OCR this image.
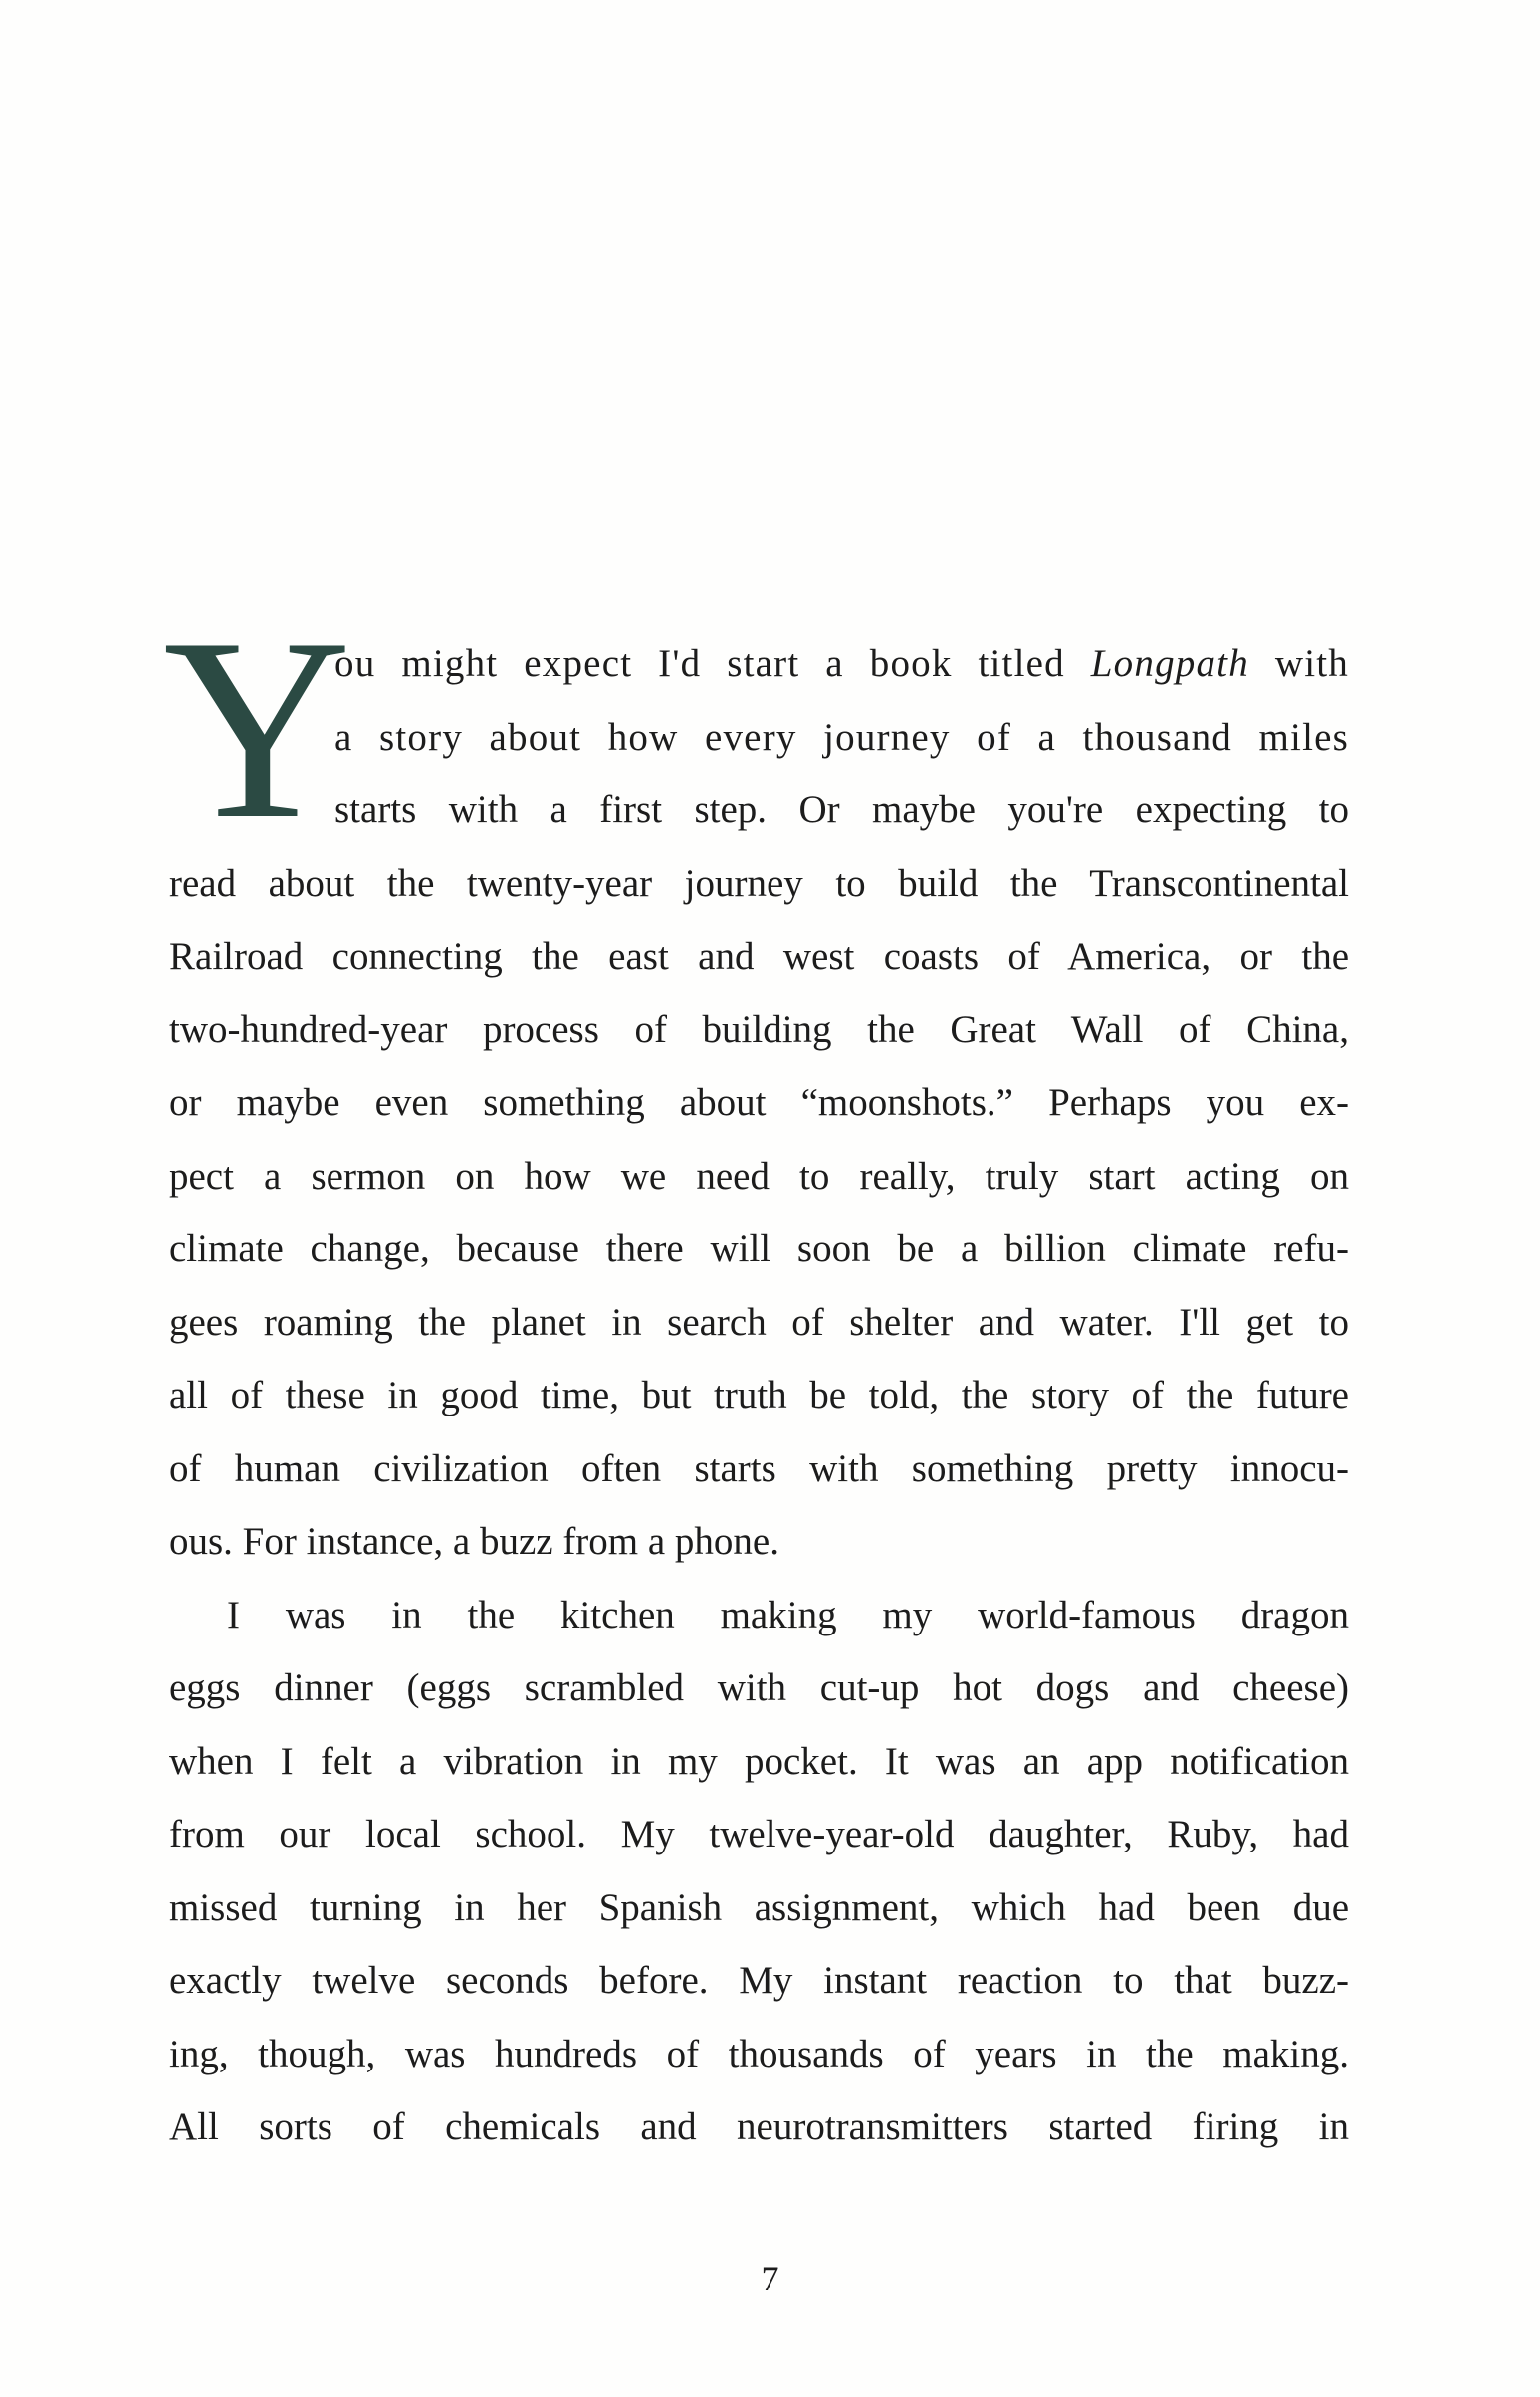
Y
ou might expect I'd start a book titled Longpath with
a story about how every journey of a thousand miles
starts with a first step. Or maybe you're expecting to
read about the twenty-year journey to build the Transcontinental
Railroad connecting the east and west coasts of America, or the
two-hundred-year process of building the Great Wall of China,
or maybe even something about “moonshots.” Perhaps you ex-
pect a sermon on how we need to really, truly start acting on
climate change, because there will soon be a billion climate refu-
gees roaming the planet in search of shelter and water. I'll get to
all of these in good time, but truth be told, the story of the future
of human civilization often starts with something pretty innocu-
ous. For instance, a buzz from a phone.
I was in the kitchen making my world-famous dragon
eggs dinner (eggs scrambled with cut-up hot dogs and cheese)
when I felt a vibration in my pocket. It was an app notification
from our local school. My twelve-year-old daughter, Ruby, had
missed turning in her Spanish assignment, which had been due
exactly twelve seconds before. My instant reaction to that buzz-
ing, though, was hundreds of thousands of years in the making.
All sorts of chemicals and neurotransmitters started firing in
7
